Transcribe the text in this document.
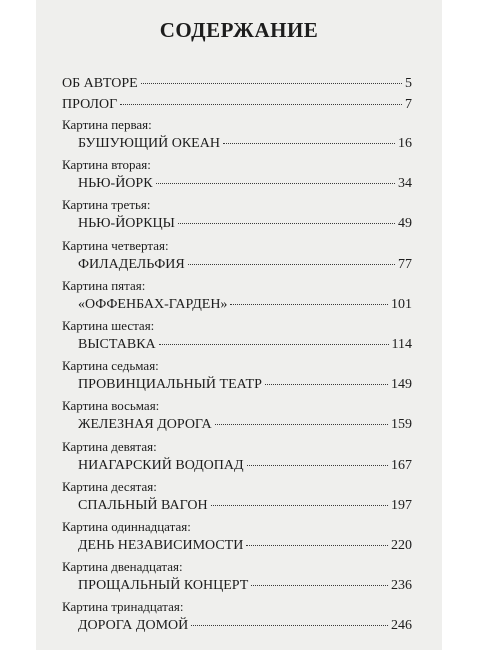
СОДЕРЖАНИЕ
ОБ АВТОРЕ	5
ПРОЛОГ	7
Картина первая:
БУШУЮЩИЙ ОКЕАН	16
Картина вторая:
НЬЮ-ЙОРК	34
Картина третья:
НЬЮ-ЙОРКЦЫ	49
Картина четвертая:
ФИЛАДЕЛЬФИЯ	77
Картина пятая:
«ОФФЕНБАХ-ГАРДЕН»	101
Картина шестая:
ВЫСТАВКА	114
Картина седьмая:
ПРОВИНЦИАЛЬНЫЙ ТЕАТР	149
Картина восьмая:
ЖЕЛЕЗНАЯ ДОРОГА	159
Картина девятая:
НИАГАРСКИЙ ВОДОПАД	167
Картина десятая:
СПАЛЬНЫЙ ВАГОН	197
Картина одиннадцатая:
ДЕНЬ НЕЗАВИСИМОСТИ	220
Картина двенадцатая:
ПРОЩАЛЬНЫЙ КОНЦЕРТ	236
Картина тринадцатая:
ДОРОГА ДОМОЙ	246
